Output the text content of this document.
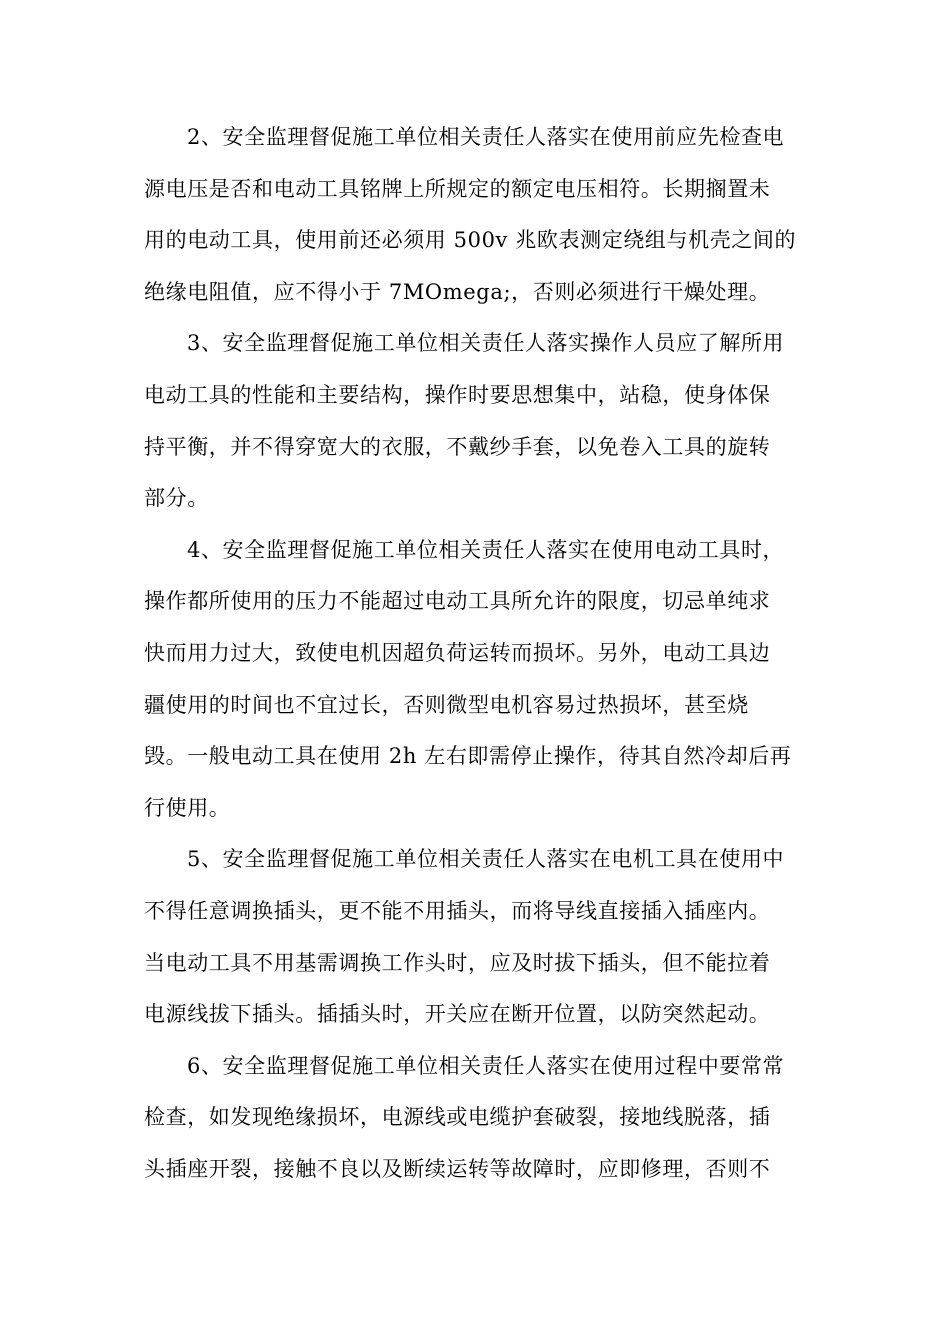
2、安全监理督促施工单位相关责任人落实在使用前应先检查电
源电压是否和电动工具铭牌上所规定的额定电压相符。长期搁置未
用的电动工具，使用前还必须用 500v 兆欧表测定绕组与机壳之间的
绝缘电阻值，应不得小于 7MOmega;，否则必须进行干燥处理。
3、安全监理督促施工单位相关责任人落实操作人员应了解所用
电动工具的性能和主要结构，操作时要思想集中，站稳，使身体保
持平衡，并不得穿宽大的衣服，不戴纱手套，以免卷入工具的旋转
部分。
4、安全监理督促施工单位相关责任人落实在使用电动工具时，
操作都所使用的压力不能超过电动工具所允许的限度，切忌单纯求
快而用力过大，致使电机因超负荷运转而损坏。另外，电动工具边
疆使用的时间也不宜过长，否则微型电机容易过热损坏，甚至烧
毁。一般电动工具在使用 2h 左右即需停止操作，待其自然冷却后再
行使用。
5、安全监理督促施工单位相关责任人落实在电机工具在使用中
不得任意调换插头，更不能不用插头，而将导线直接插入插座内。
当电动工具不用基需调换工作头时，应及时拔下插头，但不能拉着
电源线拔下插头。插插头时，开关应在断开位置，以防突然起动。
6、安全监理督促施工单位相关责任人落实在使用过程中要常常
检查，如发现绝缘损坏，电源线或电缆护套破裂，接地线脱落，插
头插座开裂，接触不良以及断续运转等故障时，应即修理，否则不
